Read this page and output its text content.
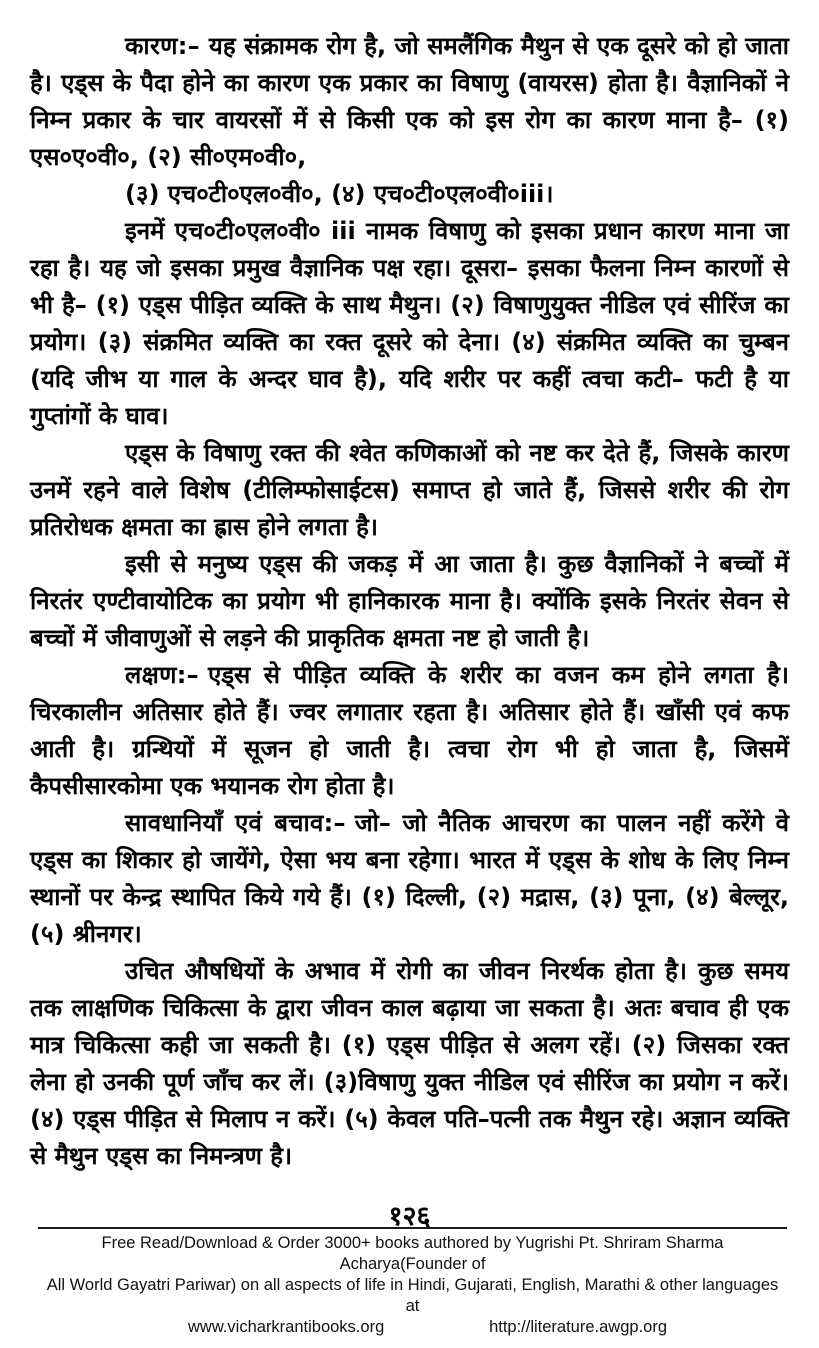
कारण:– यह संक्रामक रोग है, जो समलैंगिक मैथुन से एक दूसरे को हो जाता है। एड्स के पैदा होने का कारण एक प्रकार का विषाणु (वायरस) होता है। वैज्ञानिकों ने निम्न प्रकार के चार वायरसों में से किसी एक को इस रोग का कारण माना है– (१) एस०ए०वी०, (२) सी०एम०वी०,

(३) एच०टी०एल०वी०, (४) एच०टी०एल०वी०iii।

इनमें एच०टी०एल०वी० iii नामक विषाणु को इसका प्रधान कारण माना जा रहा है। यह जो इसका प्रमुख वैज्ञानिक पक्ष रहा। दूसरा– इसका फैलना निम्न कारणों से भी है– (१) एड्स पीड़ित व्यक्ति के साथ मैथुन। (२) विषाणुयुक्त नीडिल एवं सीरिंज का प्रयोग। (३) संक्रमित व्यक्ति का रक्त दूसरे को देना। (४) संक्रमित व्यक्ति का चुम्बन (यदि जीभ या गाल के अन्दर घाव है), यदि शरीर पर कहीं त्वचा कटी– फटी है या गुप्तांगों के घाव।

एड्स के विषाणु रक्त की श्वेत कणिकाओं को नष्ट कर देते हैं, जिसके कारण उनमें रहने वाले विशेष (टीलिम्फोसाईटस) समाप्त हो जाते हैं, जिससे शरीर की रोग प्रतिरोधक क्षमता का ह्रास होने लगता है।

इसी से मनुष्य एड्स की जकड़ में आ जाता है। कुछ वैज्ञानिकों ने बच्चों में निरतंर एण्टीवायोटिक का प्रयोग भी हानिकारक माना है। क्योंकि इसके निरतंर सेवन से बच्चों में जीवाणुओं से लड़ने की प्राकृतिक क्षमता नष्ट हो जाती है।

लक्षण:– एड्स से पीड़ित व्यक्ति के शरीर का वजन कम होने लगता है। चिरकालीन अतिसार होते हैं। ज्वर लगातार रहता है। अतिसार होते हैं। खाँसी एवं कफ आती है। ग्रन्थियों में सूजन हो जाती है। त्वचा रोग भी हो जाता है, जिसमें कैपसीसारकोमा एक भयानक रोग होता है।

सावधानियाँ एवं बचाव:– जो– जो नैतिक आचरण का पालन नहीं करेंगे वे एड्स का शिकार हो जायेंगे, ऐसा भय बना रहेगा। भारत में एड्स के शोध के लिए निम्न स्थानों पर केन्द्र स्थापित किये गये हैं। (१) दिल्ली, (२) मद्रास, (३) पूना, (४) बेल्लूर, (५) श्रीनगर।

उचित औषधियों के अभाव में रोगी का जीवन निरर्थक होता है। कुछ समय तक लाक्षणिक चिकित्सा के द्वारा जीवन काल बढ़ाया जा सकता है। अतः बचाव ही एक मात्र चिकित्सा कही जा सकती है। (१) एड्स पीड़ित से अलग रहें। (२) जिसका रक्त लेना हो उनकी पूर्ण जाँच कर लें। (३)विषाणु युक्त नीडिल एवं सीरिंज का प्रयोग न करें। (४) एड्स पीड़ित से मिलाप न करें। (५) केवल पति–पत्नी तक मैथुन रहे। अज्ञान व्यक्ति से मैथुन एड्स का निमन्त्रण है।

१२६
Free Read/Download & Order 3000+ books authored by Yugrishi Pt. Shriram Sharma Acharya(Founder of
All World Gayatri Pariwar) on all aspects of life in Hindi, Gujarati, English, Marathi & other languages at
www.vicharkrantibooks.org	http://literature.awgp.org
